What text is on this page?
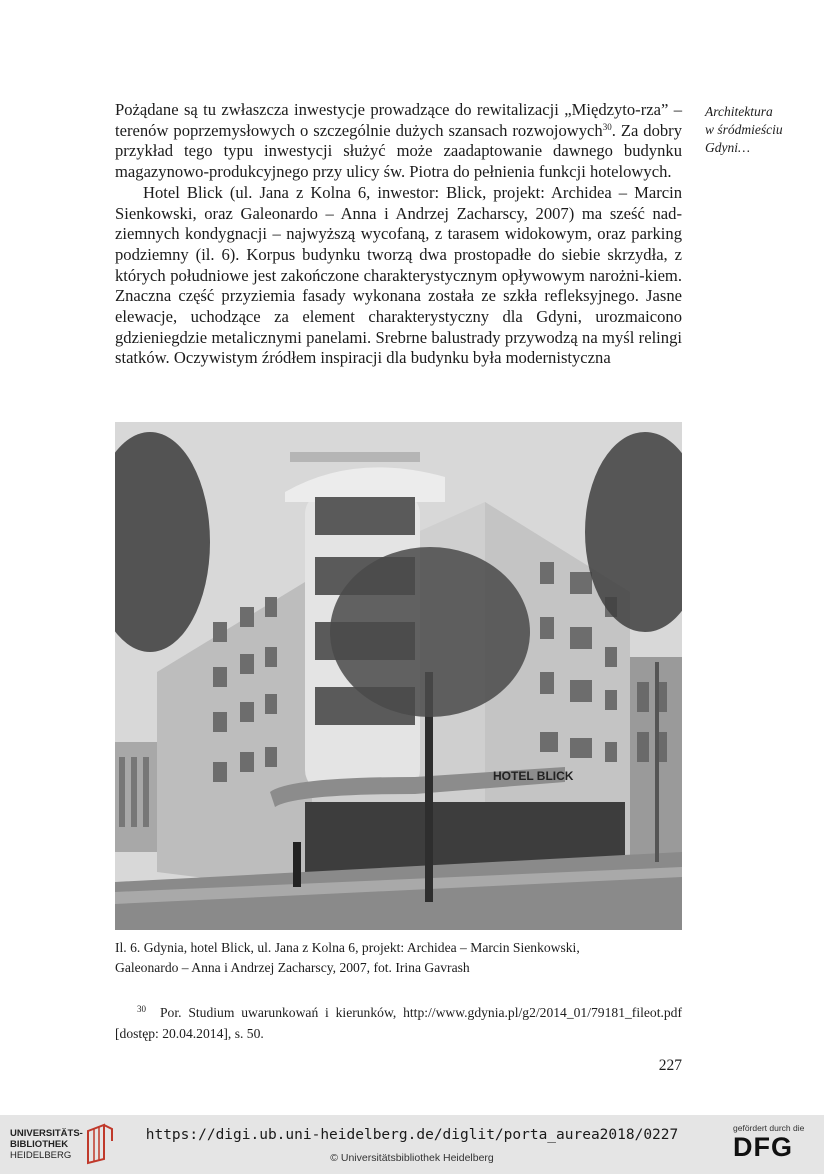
Pożądane są tu zwłaszcza inwestycje prowadzące do rewitalizacji „Międzyto-rza” – terenów poprzemysłowych o szczególnie dużych szansach rozwojowych$^{30}$. Za dobry przykład tego typu inwestycji służyć może zaadaptowanie dawnego budynku magazynowo-produkcyjnego przy ulicy św. Piotra do pełnienia funkcji hotelowych.

Hotel Blick (ul. Jana z Kolna 6, inwestor: Blick, projekt: Archidea – Marcin Sienkowski, oraz Galeonardo – Anna i Andrzej Zacharscy, 2007) ma sześć nad-ziemnych kondygnacji – najwyższą wycofaną, z tarasem widokowym, oraz parking podziemny (il. 6). Korpus budynku tworzą dwa prostopadłe do siebie skrzydła, z których południowe jest zakończone charakterystycznym opływowym narożni-kiem. Znaczna część przyziemia fasady wykonana została ze szkła refleksyjnego. Jasne elewacje, uchodzące za element charakterystyczny dla Gdyni, urozmaicono gdzieniegdzie metalicznymi panelami. Srebrne balustrady przywodzą na myśl relingi statków. Oczywistym źródłem inspiracji dla budynku była modernistyczna

Architektura
w śródmieściu
Gdyni…
HOTEL BLICK
Il. 6. Gdynia, hotel Blick, ul. Jana z Kolna 6, projekt: Archidea – Marcin Sienkowski,
Galeonardo – Anna i Andrzej Zacharscy, 2007, fot. Irina Gavrash
30 Por. Studium uwarunkowań i kierunków, http://www.gdynia.pl/g2/2014_01/79181_fileot.pdf [dostęp: 20.04.2014], s. 50.
227
UNIVERSITÄTS-
BIBLIOTHEK
HEIDELBERG
https://digi.ub.uni-heidelberg.de/diglit/porta_aurea2018/0227
© Universitätsbibliothek Heidelberg
gefördert durch die
DFG
